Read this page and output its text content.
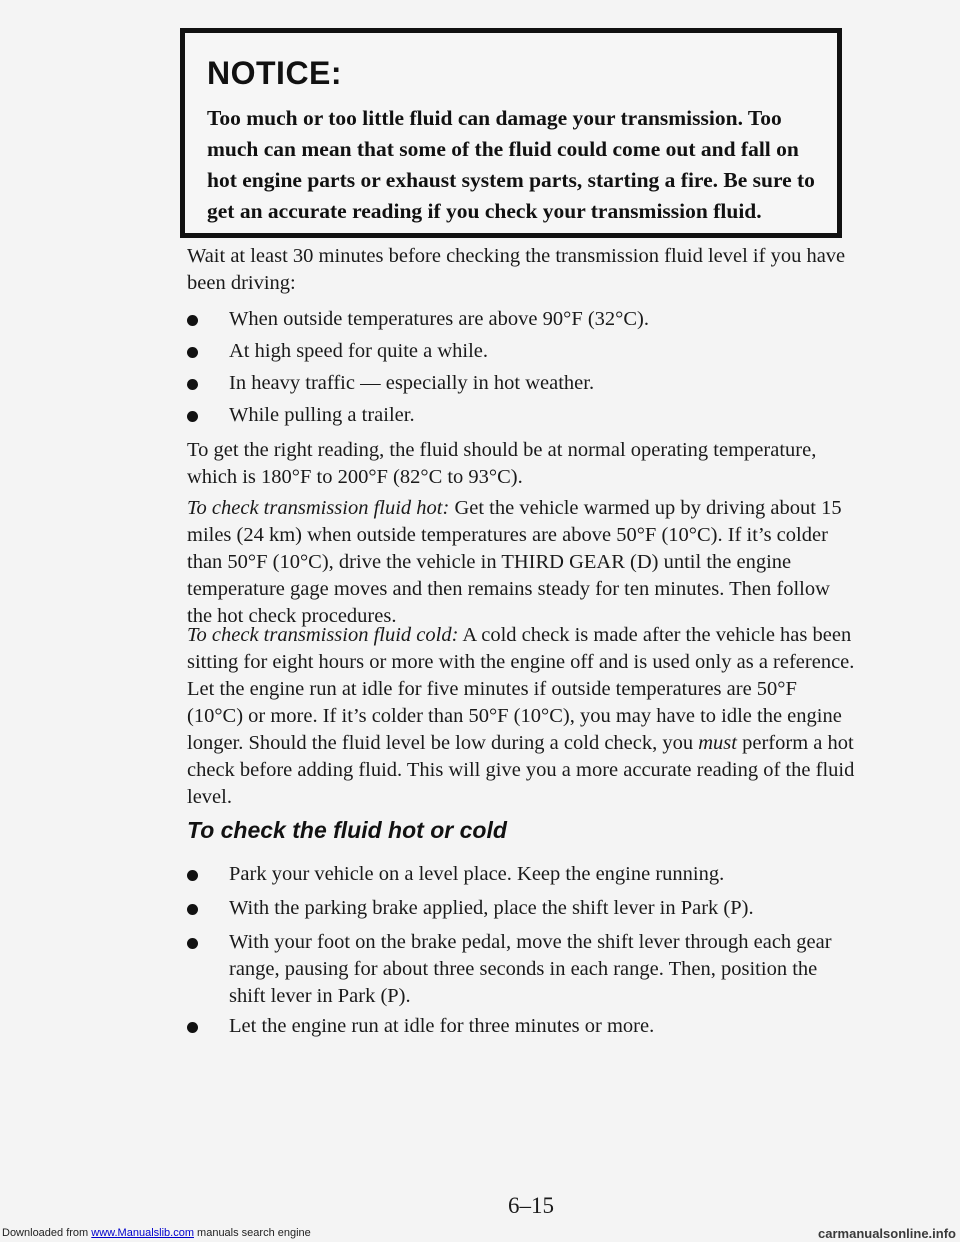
NOTICE:
Too much or too little fluid can damage your transmission. Too much can mean that some of the fluid could come out and fall on hot engine parts or exhaust system parts, starting a fire. Be sure to get an accurate reading if you check your transmission fluid.
Wait at least 30 minutes before checking the transmission fluid level if you have been driving:
When outside temperatures are above 90°F (32°C).
At high speed for quite a while.
In heavy traffic — especially in hot weather.
While pulling a trailer.
To get the right reading, the fluid should be at normal operating temperature, which is 180°F to 200°F (82°C to 93°C).
To check transmission fluid hot: Get the vehicle warmed up by driving about 15 miles (24 km) when outside temperatures are above 50°F (10°C). If it’s colder than 50°F (10°C), drive the vehicle in THIRD GEAR (D) until the engine temperature gage moves and then remains steady for ten minutes. Then follow the hot check procedures.
To check transmission fluid cold: A cold check is made after the vehicle has been sitting for eight hours or more with the engine off and is used only as a reference. Let the engine run at idle for five minutes if outside temperatures are 50°F (10°C) or more. If it’s colder than 50°F (10°C), you may have to idle the engine longer. Should the fluid level be low during a cold check, you must perform a hot check before adding fluid. This will give you a more accurate reading of the fluid level.
To check the fluid hot or cold
Park your vehicle on a level place. Keep the engine running.
With the parking brake applied, place the shift lever in Park (P).
With your foot on the brake pedal, move the shift lever through each gear range, pausing for about three seconds in each range. Then, position the shift lever in Park (P).
Let the engine run at idle for three minutes or more.
6–15
Downloaded from www.Manualslib.com manuals search engine	carmanualsonline.info
